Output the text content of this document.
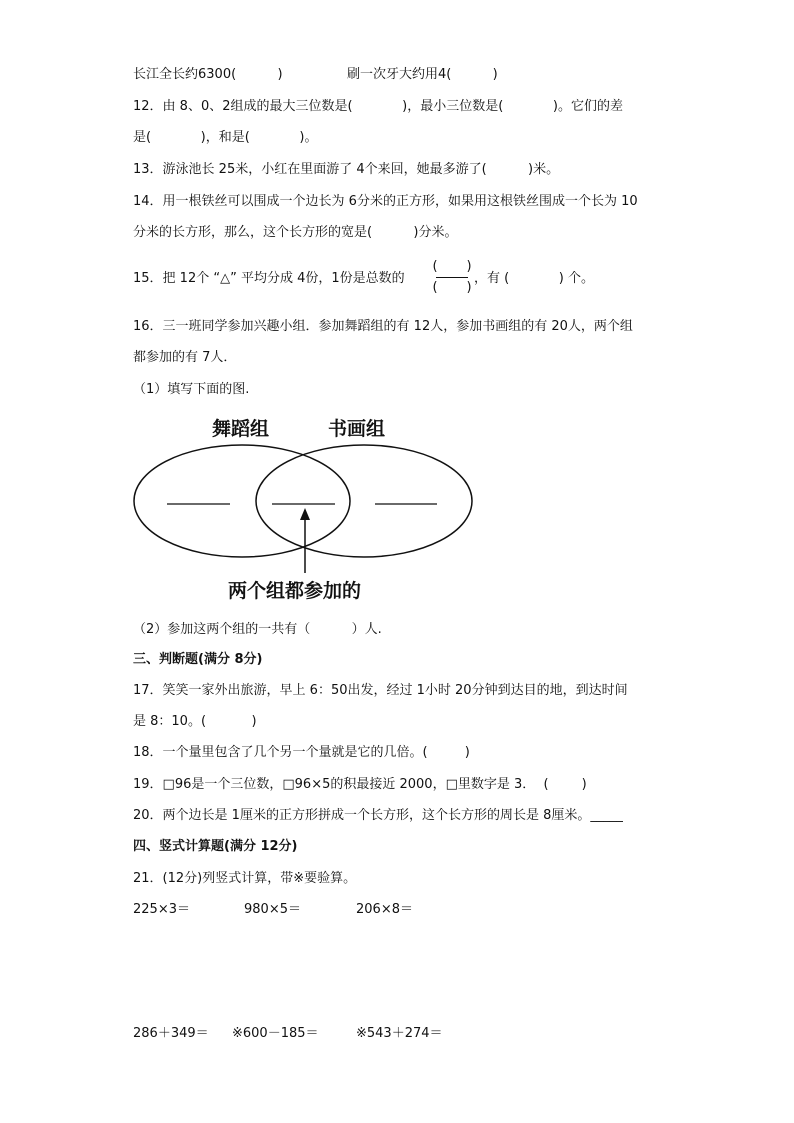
长江全长约6300(          )	刷一次牙大约用4(          )
12．由 8、0、2组成的最大三位数是(            )，最小三位数是(            )。它们的差
是(            )，和是(            )。
13．游泳池长 25米，小红在里面游了 4个来回，她最多游了(          )米。
14．用一根铁丝可以围成一个边长为 6分米的正方形，如果用这根铁丝围成一个长为 10
分米的长方形，那么，这个长方形的宽是(          )分米。
15．把 12个 “△” 平均分成 4份，1份是总数的
(       )
(       )
，有 (            ) 个。
16．三一班同学参加兴趣小组．参加舞蹈组的有 12人，参加书画组的有 20人，两个组
都参加的有 7人．
（1）填写下面的图.
舞蹈组	书画组
两个组都参加的
（2）参加这两个组的一共有（          ）人.
三、判断题(满分 8分)
17．笑笑一家外出旅游，早上 6：50出发，经过 1小时 20分钟到达目的地，到达时间
是 8：10。(           )
18．一个量里包含了几个另一个量就是它的几倍。(         )
19．□96是一个三位数，□96×5的积最接近 2000，□里数字是 3．  (        )
20．两个边长是 1厘米的正方形拼成一个长方形，这个长方形的周长是 8厘米。_____
四、竖式计算题(满分 12分)
21．(12分)列竖式计算，带※要验算。
225×3＝	980×5＝	206×8＝
286＋349＝ ※600－185＝	※543＋274＝
